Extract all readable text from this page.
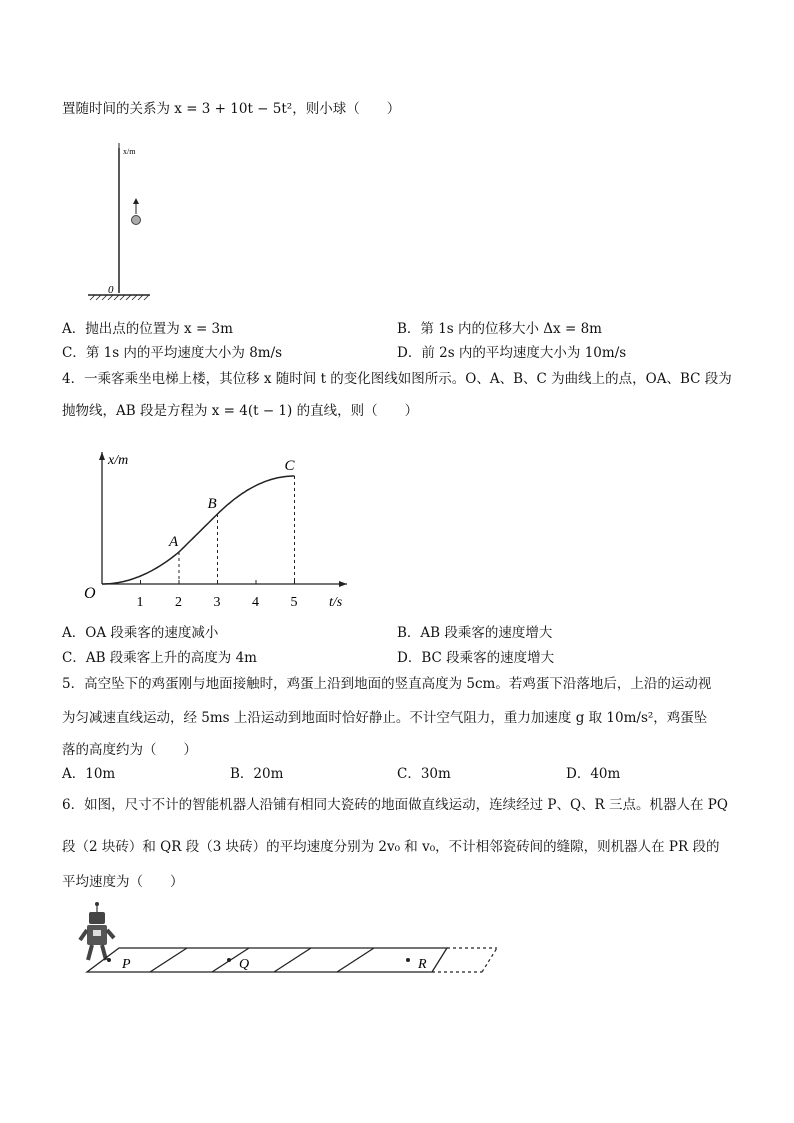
置随时间的关系为 x = 3 + 10t − 5t²，则小球（　　）
x/m
0
A．抛出点的位置为 x = 3m	B．第 1s 内的位移大小 Δx = 8m
C．第 1s 内的平均速度大小为 8m/s	D．前 2s 内的平均速度大小为 10m/s
4．一乘客乘坐电梯上楼，其位移 x 随时间 t 的变化图线如图所示。O、A、B、C 为曲线上的点，OA、BC 段为
抛物线，AB 段是方程为 x = 4(t − 1) 的直线，则（　　）
x/m
t/s
O
1 2 3 4 5
A
B
C
A．OA 段乘客的速度减小	B．AB 段乘客的速度增大
C．AB 段乘客上升的高度为 4m	D．BC 段乘客的速度增大
5．高空坠下的鸡蛋刚与地面接触时，鸡蛋上沿到地面的竖直高度为 5cm。若鸡蛋下沿落地后，上沿的运动视
为匀减速直线运动，经 5ms 上沿运动到地面时恰好静止。不计空气阻力，重力加速度 g 取 10m/s²，鸡蛋坠
落的高度约为（　　）
A．10m	B．20m	C．30m	D．40m
6．如图，尺寸不计的智能机器人沿铺有相同大瓷砖的地面做直线运动，连续经过 P、Q、R 三点。机器人在 PQ
段（2 块砖）和 QR 段（3 块砖）的平均速度分别为 2v₀ 和 v₀，不计相邻瓷砖间的缝隙，则机器人在 PR 段的
平均速度为（　　）
P	Q	R
